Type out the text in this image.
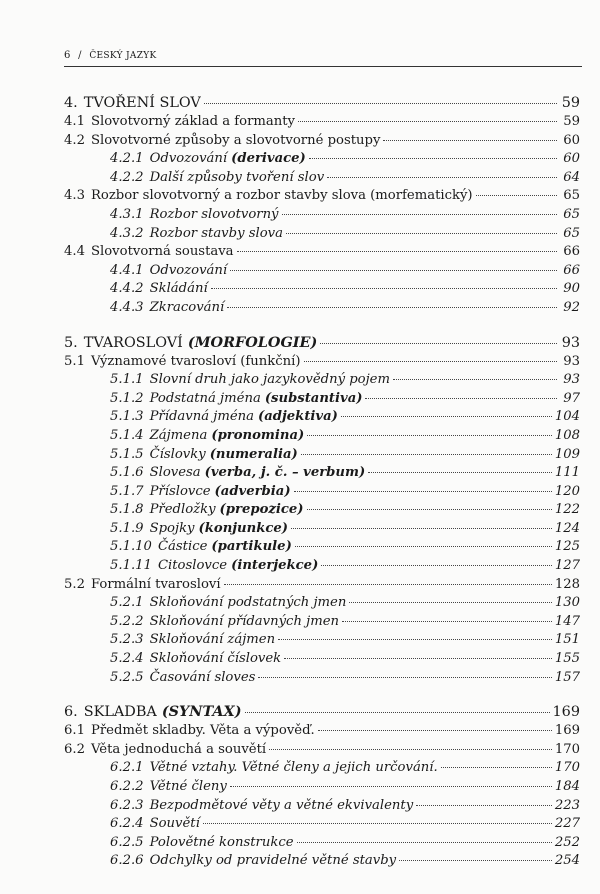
6 / ČESKÝ JAZYK
4. TVOŘENÍ SLOV	59
4.1 Slovotvorný základ a formanty	59
4.2 Slovotvorné způsoby a slovotvorné postupy	60
4.2.1 Odvozování (derivace)	60
4.2.2 Další způsoby tvoření slov	64
4.3 Rozbor slovotvorný a rozbor stavby slova (morfematický)	65
4.3.1 Rozbor slovotvorný	65
4.3.2 Rozbor stavby slova	65
4.4 Slovotvorná soustava	66
4.4.1 Odvozování	66
4.4.2 Skládání	90
4.4.3 Zkracování	92
5. TVAROSLOVÍ (MORFOLOGIE)	93
5.1 Významové tvarosloví (funkční)	93
5.1.1 Slovní druh jako jazykovědný pojem	93
5.1.2 Podstatná jména (substantiva)	97
5.1.3 Přídavná jména (adjektiva)	104
5.1.4 Zájmena (pronomina)	108
5.1.5 Číslovky (numeralia)	109
5.1.6 Slovesa (verba, j. č. – verbum)	111
5.1.7 Příslovce (adverbia)	120
5.1.8 Předložky (prepozice)	122
5.1.9 Spojky (konjunkce)	124
5.1.10 Částice (partikule)	125
5.1.11 Citoslovce (interjekce)	127
5.2 Formální tvarosloví	128
5.2.1 Skloňování podstatných jmen	130
5.2.2 Skloňování přídavných jmen	147
5.2.3 Skloňování zájmen	151
5.2.4 Skloňování číslovek	155
5.2.5 Časování sloves	157
6. SKLADBA (SYNTAX)	169
6.1 Předmět skladby. Věta a výpověď.	169
6.2 Věta jednoduchá a souvětí	170
6.2.1 Větné vztahy. Větné členy a jejich určování.	170
6.2.2 Větné členy	184
6.2.3 Bezpodmětové věty a větné ekvivalenty	223
6.2.4 Souvětí	227
6.2.5 Polovětné konstrukce	252
6.2.6 Odchylky od pravidelné větné stavby	254
